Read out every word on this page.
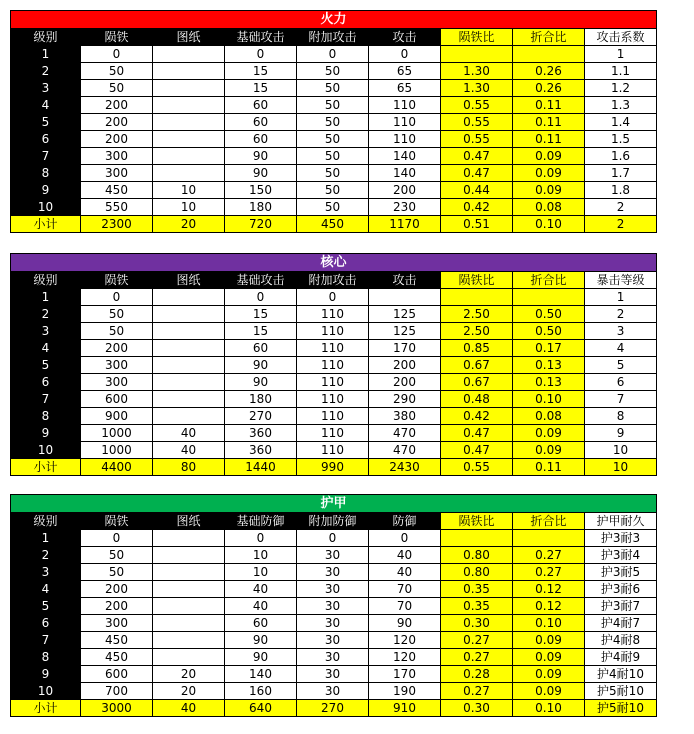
火力								
级别	陨铁	图纸	基础攻击	附加攻击	攻击	陨铁比	折合比	攻击系数
1	0		0	0	0			1
2	50		15	50	65	1.30	0.26	1.1
3	50		15	50	65	1.30	0.26	1.2
4	200		60	50	110	0.55	0.11	1.3
5	200		60	50	110	0.55	0.11	1.4
6	200		60	50	110	0.55	0.11	1.5
7	300		90	50	140	0.47	0.09	1.6
8	300		90	50	140	0.47	0.09	1.7
9	450	10	150	50	200	0.44	0.09	1.8
10	550	10	180	50	230	0.42	0.08	2
小计	2300	20	720	450	1170	0.51	0.10	2
核心								
级别	陨铁	图纸	基础攻击	附加攻击	攻击	陨铁比	折合比	暴击等级
1	0		0	0				1
2	50		15	110	125	2.50	0.50	2
3	50		15	110	125	2.50	0.50	3
4	200		60	110	170	0.85	0.17	4
5	300		90	110	200	0.67	0.13	5
6	300		90	110	200	0.67	0.13	6
7	600		180	110	290	0.48	0.10	7
8	900		270	110	380	0.42	0.08	8
9	1000	40	360	110	470	0.47	0.09	9
10	1000	40	360	110	470	0.47	0.09	10
小计	4400	80	1440	990	2430	0.55	0.11	10
护甲								
级别	陨铁	图纸	基础防御	附加防御	防御	陨铁比	折合比	护甲耐久
1	0		0	0	0			护3耐3
2	50		10	30	40	0.80	0.27	护3耐4
3	50		10	30	40	0.80	0.27	护3耐5
4	200		40	30	70	0.35	0.12	护3耐6
5	200		40	30	70	0.35	0.12	护3耐7
6	300		60	30	90	0.30	0.10	护4耐7
7	450		90	30	120	0.27	0.09	护4耐8
8	450		90	30	120	0.27	0.09	护4耐9
9	600	20	140	30	170	0.28	0.09	护4耐10
10	700	20	160	30	190	0.27	0.09	护5耐10
小计	3000	40	640	270	910	0.30	0.10	护5耐10
